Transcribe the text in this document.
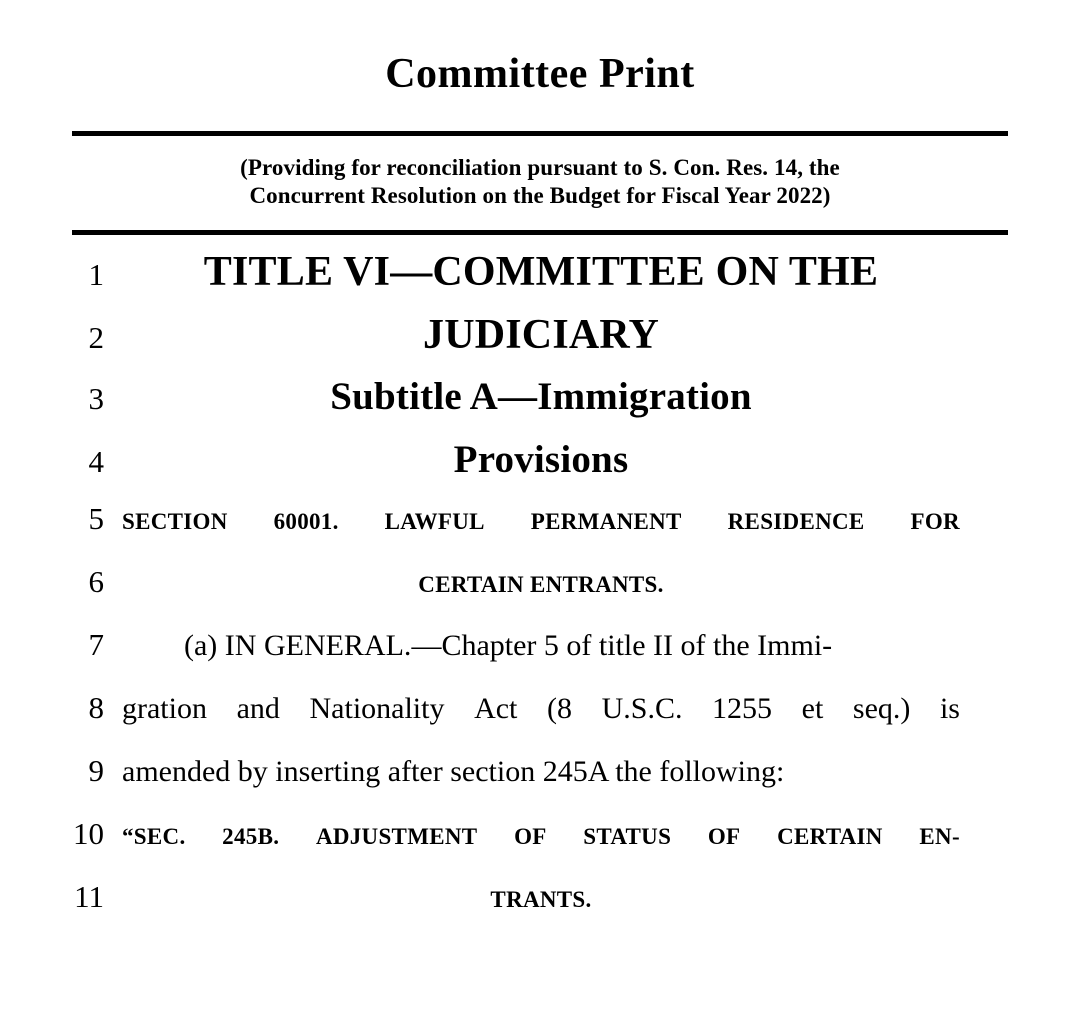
Committee Print
(Providing for reconciliation pursuant to S. Con. Res. 14, the
Concurrent Resolution on the Budget for Fiscal Year 2022)
1	TITLE VI—COMMITTEE ON THE
2	JUDICIARY
3	Subtitle A—Immigration
4	Provisions
5 SECTION 60001. LAWFUL PERMANENT RESIDENCE FOR
6	CERTAIN ENTRANTS.
7	(a) IN GENERAL.—Chapter 5 of title II of the Immi-
8 gration and Nationality Act (8 U.S.C. 1255 et seq.) is
9 amended by inserting after section 245A the following:
10 “SEC. 245B. ADJUSTMENT OF STATUS OF CERTAIN EN-
11	TRANTS.
